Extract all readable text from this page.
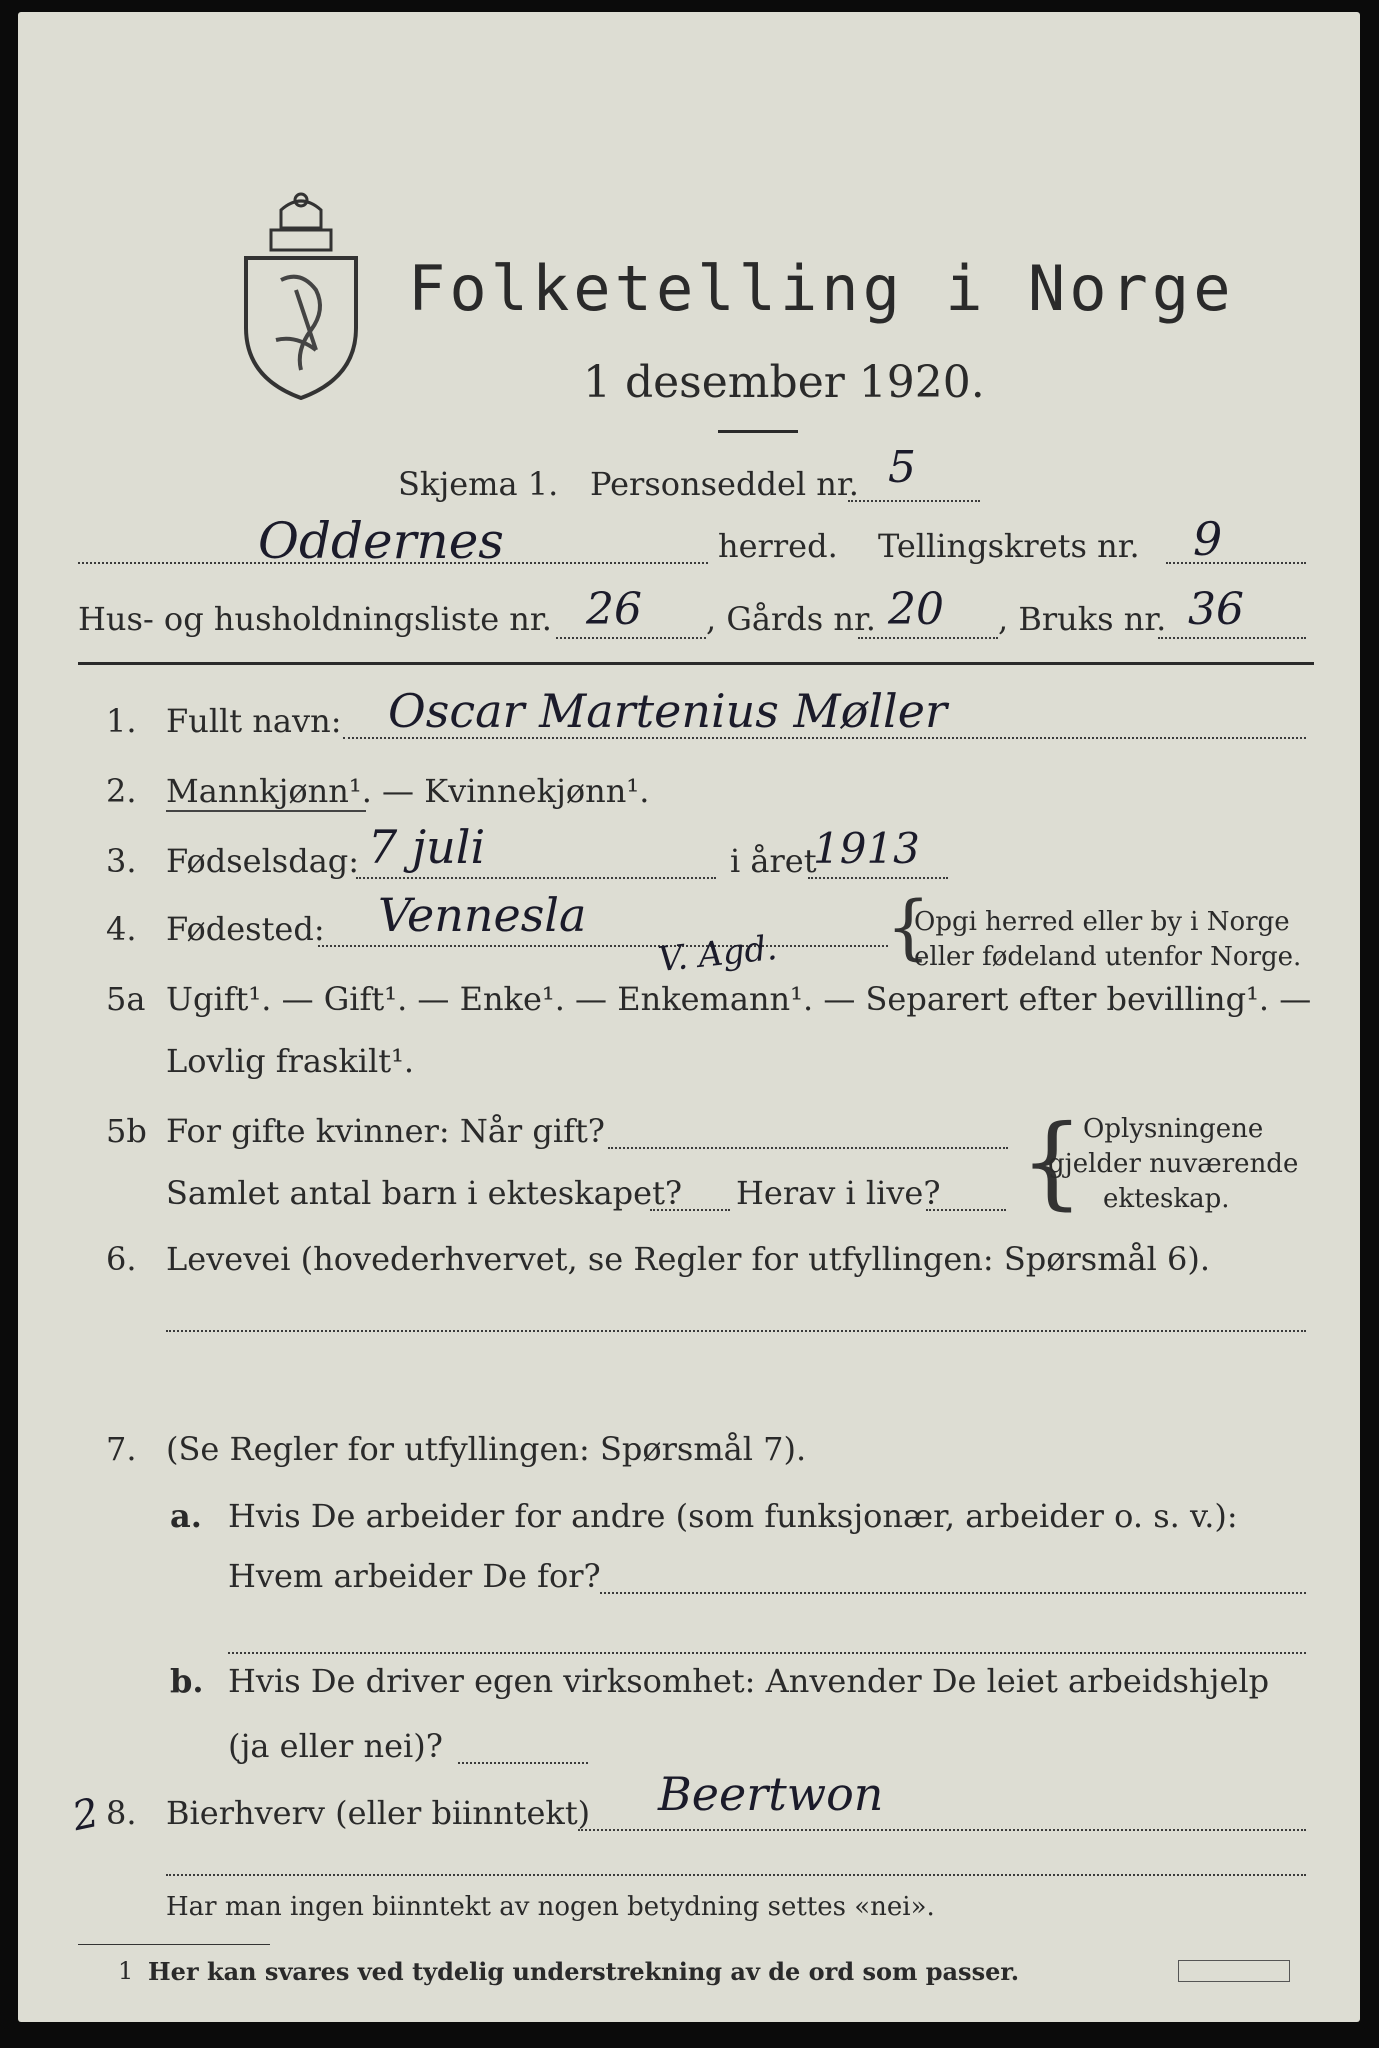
Folketelling i Norge
1 desember 1920.
Skjema 1. Personseddel nr. 5
Oddernes	herred. Tellingskrets nr. 9
Hus- og husholdningsliste nr. 26 , Gårds nr. 20 , Bruks nr. 36
1. Fullt navn: Oscar Martenius Møller
2. Mannkjønn¹. — Kvinnekjønn¹.
3. Fødselsdag: 7 juli	i året
1913
4. Fødested: Vennesla
V. Agd. {
Opgi herred eller by i Norge
eller fødeland utenfor Norge.
5a Ugift¹. — Gift¹. — Enke¹. — Enkemann¹. — Separert efter bevilling¹. —
Lovlig fraskilt¹.
5b For gifte kvinner: Når gift?
Samlet antal barn i ekteskapet? Herav i live? { Oplysningene
gjelder nuværende
ekteskap.
6. Levevei (hovederhvervet, se Regler for utfyllingen: Spørsmål 6).
7. (Se Regler for utfyllingen: Spørsmål 7).
a. Hvis De arbeider for andre (som funksjonær, arbeider o. s. v.):
Hvem arbeider De for?
b. Hvis De driver egen virksomhet: Anvender De leiet arbeidshjelp
(ja eller nei)?
2 8. Bierhverv (eller biinntekt) Beertwon
Har man ingen biinntekt av nogen betydning settes «nei».
1 Her kan svares ved tydelig understrekning av de ord som passer.
